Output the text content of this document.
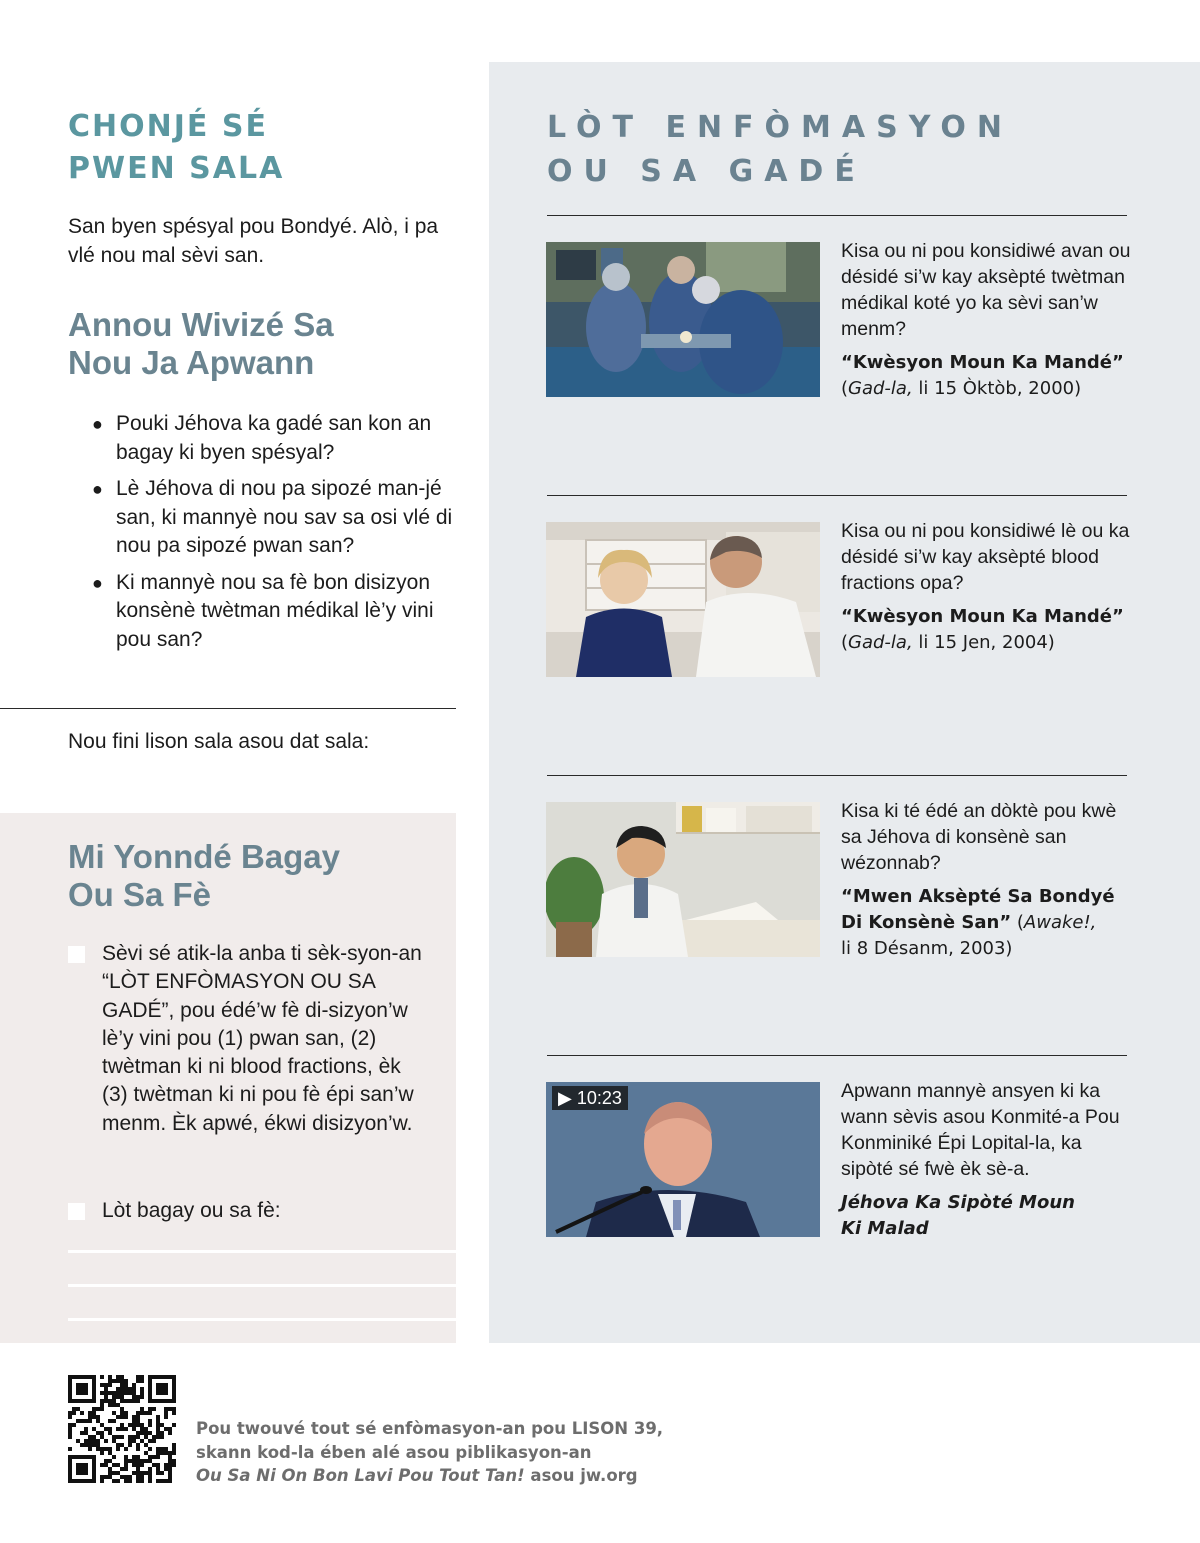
CHONJÉ SÉ
PWEN SALA

San byen spésyal pou Bondyé. Alò, i pa vlé nou mal sèvi san.

Annou Wivizé Sa
Nou Ja Apwann
● Pouki Jéhova ka gadé san kon an bagay ki byen spésyal?
● Lè Jéhova di nou pa sipozé man-jé san, ki mannyè nou sav sa osi vlé di nou pa sipozé pwan san?
● Ki mannyè nou sa fè bon disizyon konsènè twètman médikal lè’y vini pou san?

Nou fini lison sala asou dat sala:

Mi Yonndé Bagay
Ou Sa Fè
Sèvi sé atik-la anba ti sèk-syon-an “LÒT ENFÒMASYON OU SA GADÉ”, pou édé’w fè di-sizyon’w lè’y vini pou (1) pwan san, (2) twètman ki ni blood fractions, èk (3) twètman ki ni pou fè épi san’w menm. Èk apwé, ékwi disizyon’w.
Lòt bagay ou sa fè:
LÒT ENFÒMASYON
OU SA GADÉ

Kisa ou ni pou konsidiwé avan ou désidé si’w kay aksèpté twètman médikal koté yo ka sèvi san’w menm?

“Kwèsyon Moun Ka Mandé”
(Gad-la, li 15 Òktòb, 2000)

Kisa ou ni pou konsidiwé lè ou ka désidé si’w kay aksèpté blood fractions opa?

“Kwèsyon Moun Ka Mandé”
(Gad-la, li 15 Jen, 2004)

Kisa ki té édé an dòktè pou kwè sa Jéhova di konsènè san wézonnab?

“Mwen Aksèpté Sa Bondyé Di Konsènè San” (Awake!,
li 8 Désanm, 2003)

▶ 10:23	Apwann mannyè ansyen ki ka wann sèvis asou Konmité-a Pou Konminiké Épi Lopital-la, ka sipòté sé fwè èk sè-a.

Jéhova Ka Sipòté Moun Ki Malad

Pou twouvé tout sé enfòmasyon-an pou LISON 39,
skann kod-la ében alé asou piblikasyon-an
Ou Sa Ni On Bon Lavi Pou Tout Tan! asou jw.org
